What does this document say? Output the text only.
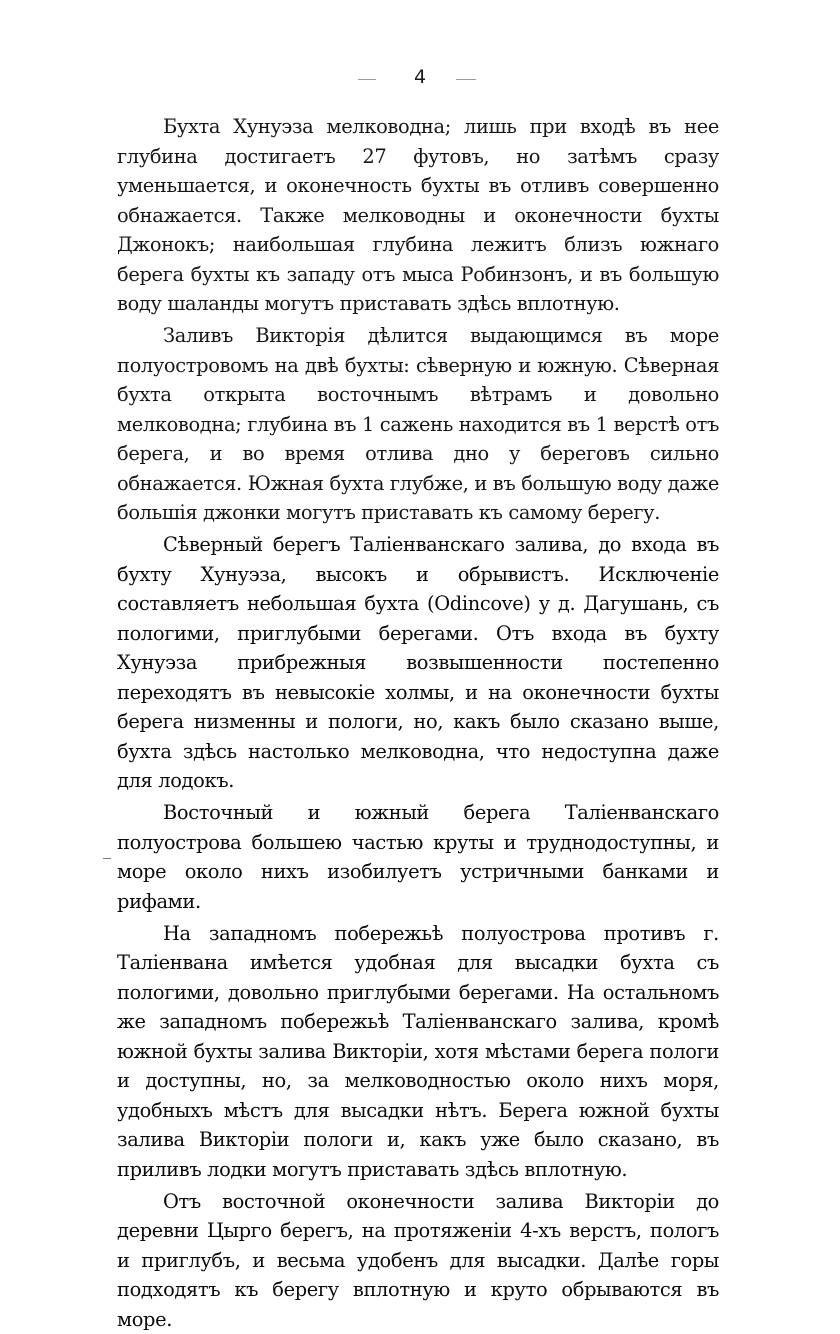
4

Бухта Хунуэза мелководна; лишь при входѣ въ нее глубина достигаетъ 27 футовъ, но затѣмъ сразу уменьшается, и оконечность бухты въ отливъ совершенно обнажается. Также мелководны и оконечности бухты Джонокъ; наибольшая глубина лежитъ близъ южнаго берега бухты къ западу отъ мыса Робинзонъ, и въ большую воду шаланды могутъ приставать здѣсь вплотную.

Заливъ Викторія дѣлится выдающимся въ море полуостровомъ на двѣ бухты: сѣверную и южную. Сѣверная бухта открыта восточнымъ вѣтрамъ и довольно мелководна; глубина въ 1 сажень находится въ 1 верстѣ отъ берега, и во время отлива дно у береговъ сильно обнажается. Южная бухта глубже, и въ большую воду даже большія джонки могутъ приставать къ самому берегу.

Сѣверный берегъ Таліенванскаго залива, до входа въ бухту Хунуэза, высокъ и обрывистъ. Исключеніе составляетъ небольшая бухта (Odincove) у д. Дагушань, съ пологими, приглубыми берегами. Отъ входа въ бухту Хунуэза прибрежныя возвышенности постепенно переходятъ въ невысокіе холмы, и на оконечности бухты берега низменны и пологи, но, какъ было сказано выше, бухта здѣсь настолько мелководна, что недоступна даже для лодокъ.

Восточный и южный берега Таліенванскаго полуострова большею частью круты и труднодоступны, и море около нихъ изобилуетъ устричными банками и рифами.

На западномъ побережьѣ полуострова противъ г. Таліенвана имѣется удобная для высадки бухта съ пологими, довольно приглубыми берегами. На остальномъ же западномъ побережьѣ Таліенванскаго залива, кромѣ южной бухты залива Викторіи, хотя мѣстами берега пологи и доступны, но, за мелководностью около нихъ моря, удобныхъ мѣстъ для высадки нѣтъ. Берега южной бухты залива Викторіи пологи и, какъ уже было сказано, въ приливъ лодки могутъ приставать здѣсь вплотную.

Отъ восточной оконечности залива Викторіи до деревни Цырго берегъ, на протяженіи 4-хъ верстъ, пологъ и приглубъ, и весьма удобенъ для высадки. Далѣе горы подходятъ къ берегу вплотную и круто обрываются въ море.
